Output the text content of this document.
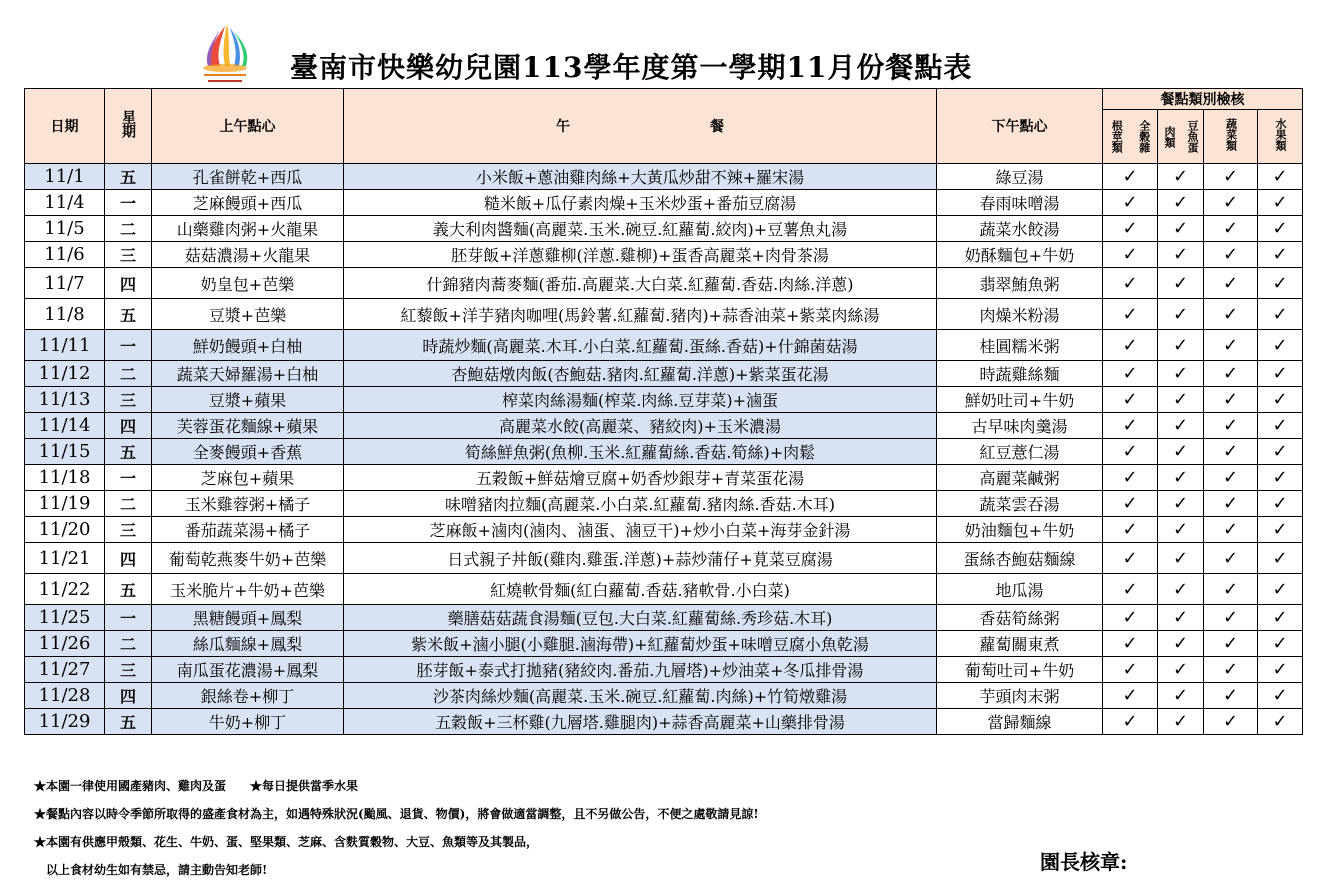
臺南市快樂幼兒園113學年度第一學期11月份餐點表
日期	星期	上午點心	午　　　　　　　　　　餐	下午點心	餐點類別檢核			

					根莖類 全穀雜	肉類 豆魚蛋	蔬菜類	水果類
11/1	五	孔雀餅乾+西瓜	小米飯+蔥油雞肉絲+大黃瓜炒甜不辣+羅宋湯	綠豆湯	✓	✓	✓	✓
11/4	一	芝麻饅頭+西瓜	糙米飯+瓜仔素肉燥+玉米炒蛋+番茄豆腐湯	春雨味噌湯	✓	✓	✓	✓
11/5	二	山藥雞肉粥+火龍果	義大利肉醬麵(高麗菜.玉米.碗豆.紅蘿蔔.絞肉)+豆薯魚丸湯	蔬菜水餃湯	✓	✓	✓	✓
11/6	三	菇菇濃湯+火龍果	胚芽飯+洋蔥雞柳(洋蔥.雞柳)+蛋香高麗菜+肉骨茶湯	奶酥麵包+牛奶	✓	✓	✓	✓
11/7	四	奶皇包+芭樂	什錦豬肉蕎麥麵(番茄.高麗菜.大白菜.紅蘿蔔.香菇.肉絲.洋蔥)	翡翠鮪魚粥	✓	✓	✓	✓
11/8	五	豆漿+芭樂	紅藜飯+洋芋豬肉咖哩(馬鈴薯.紅蘿蔔.豬肉)+蒜香油菜+紫菜肉絲湯	肉燥米粉湯	✓	✓	✓	✓
11/11	一	鮮奶饅頭+白柚	時蔬炒麵(高麗菜.木耳.小白菜.紅蘿蔔.蛋絲.香菇)+什錦菌菇湯	桂圓糯米粥	✓	✓	✓	✓
11/12	二	蔬菜天婦羅湯+白柚	杏鮑菇燉肉飯(杏鮑菇.豬肉.紅蘿蔔.洋蔥)+紫菜蛋花湯	時蔬雞絲麵	✓	✓	✓	✓
11/13	三	豆漿+蘋果	榨菜肉絲湯麵(榨菜.肉絲.豆芽菜)+滷蛋	鮮奶吐司+牛奶	✓	✓	✓	✓
11/14	四	芙蓉蛋花麵線+蘋果	高麗菜水餃(高麗菜、豬絞肉)+玉米濃湯	古早味肉羹湯	✓	✓	✓	✓
11/15	五	全麥饅頭+香蕉	筍絲鮮魚粥(魚柳.玉米.紅蘿蔔絲.香菇.筍絲)+肉鬆	紅豆薏仁湯	✓	✓	✓	✓
11/18	一	芝麻包+蘋果	五穀飯+鮮菇燴豆腐+奶香炒銀芽+青菜蛋花湯	高麗菜鹹粥	✓	✓	✓	✓
11/19	二	玉米雞蓉粥+橘子	味噌豬肉拉麵(高麗菜.小白菜.紅蘿蔔.豬肉絲.香菇.木耳)	蔬菜雲吞湯	✓	✓	✓	✓
11/20	三	番茄蔬菜湯+橘子	芝麻飯+滷肉(滷肉、滷蛋、滷豆干)+炒小白菜+海芽金針湯	奶油麵包+牛奶	✓	✓	✓	✓
11/21	四	葡萄乾燕麥牛奶+芭樂	日式親子丼飯(雞肉.雞蛋.洋蔥)+蒜炒蒲仔+莧菜豆腐湯	蛋絲杏鮑菇麵線	✓	✓	✓	✓
11/22	五	玉米脆片+牛奶+芭樂	紅燒軟骨麵(紅白蘿蔔.香菇.豬軟骨.小白菜)	地瓜湯	✓	✓	✓	✓
11/25	一	黑糖饅頭+鳳梨	藥膳菇菇蔬食湯麵(豆包.大白菜.紅蘿蔔絲.秀珍菇.木耳)	香菇筍絲粥	✓	✓	✓	✓
11/26	二	絲瓜麵線+鳳梨	紫米飯+滷小腿(小雞腿.滷海帶)+紅蘿蔔炒蛋+味噌豆腐小魚乾湯	蘿蔔關東煮	✓	✓	✓	✓
11/27	三	南瓜蛋花濃湯+鳳梨	胚芽飯+泰式打拋豬(豬絞肉.番茄.九層塔)+炒油菜+冬瓜排骨湯	葡萄吐司+牛奶	✓	✓	✓	✓
11/28	四	銀絲卷+柳丁	沙茶肉絲炒麵(高麗菜.玉米.碗豆.紅蘿蔔.肉絲)+竹筍燉雞湯	芋頭肉末粥	✓	✓	✓	✓
11/29	五	牛奶+柳丁	五穀飯+三杯雞(九層塔.雞腿肉)+蒜香高麗菜+山藥排骨湯	當歸麵線	✓	✓	✓	✓
★本園一律使用國產豬肉、雞肉及蛋　　★每日提供當季水果
★餐點內容以時令季節所取得的盛產食材為主，如遇特殊狀況(颱風、退貨、物價)，將會做適當調整，且不另做公告，不便之處敬請見諒!
★本園有供應甲殼類、花生、牛奶、蛋、堅果類、芝麻、含麩質穀物、大豆、魚類等及其製品，
　以上食材幼生如有禁忌，請主動告知老師!	園長核章:
